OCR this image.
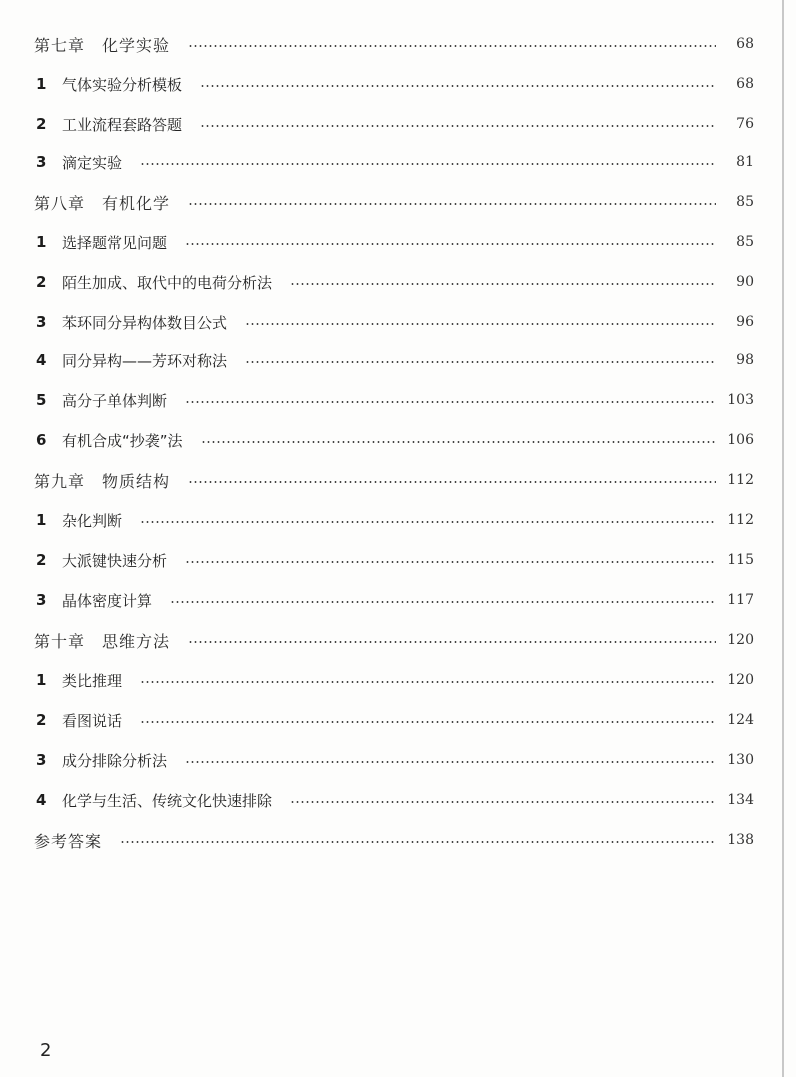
第七章　化学实验	68
1	气体实验分析模板	68
2	工业流程套路答题	76
3	滴定实验	81
第八章　有机化学	85
1	选择题常见问题	85
2	陌生加成、取代中的电荷分析法	90
3	苯环同分异构体数目公式	96
4	同分异构——芳环对称法	98
5	高分子单体判断	103
6	有机合成“抄袭”法	106
第九章　物质结构	112
1	杂化判断	112
2	大派键快速分析	115
3	晶体密度计算	117
第十章　思维方法	120
1	类比推理	120
2	看图说话	124
3	成分排除分析法	130
4	化学与生活、传统文化快速排除	134
参考答案	138
2
